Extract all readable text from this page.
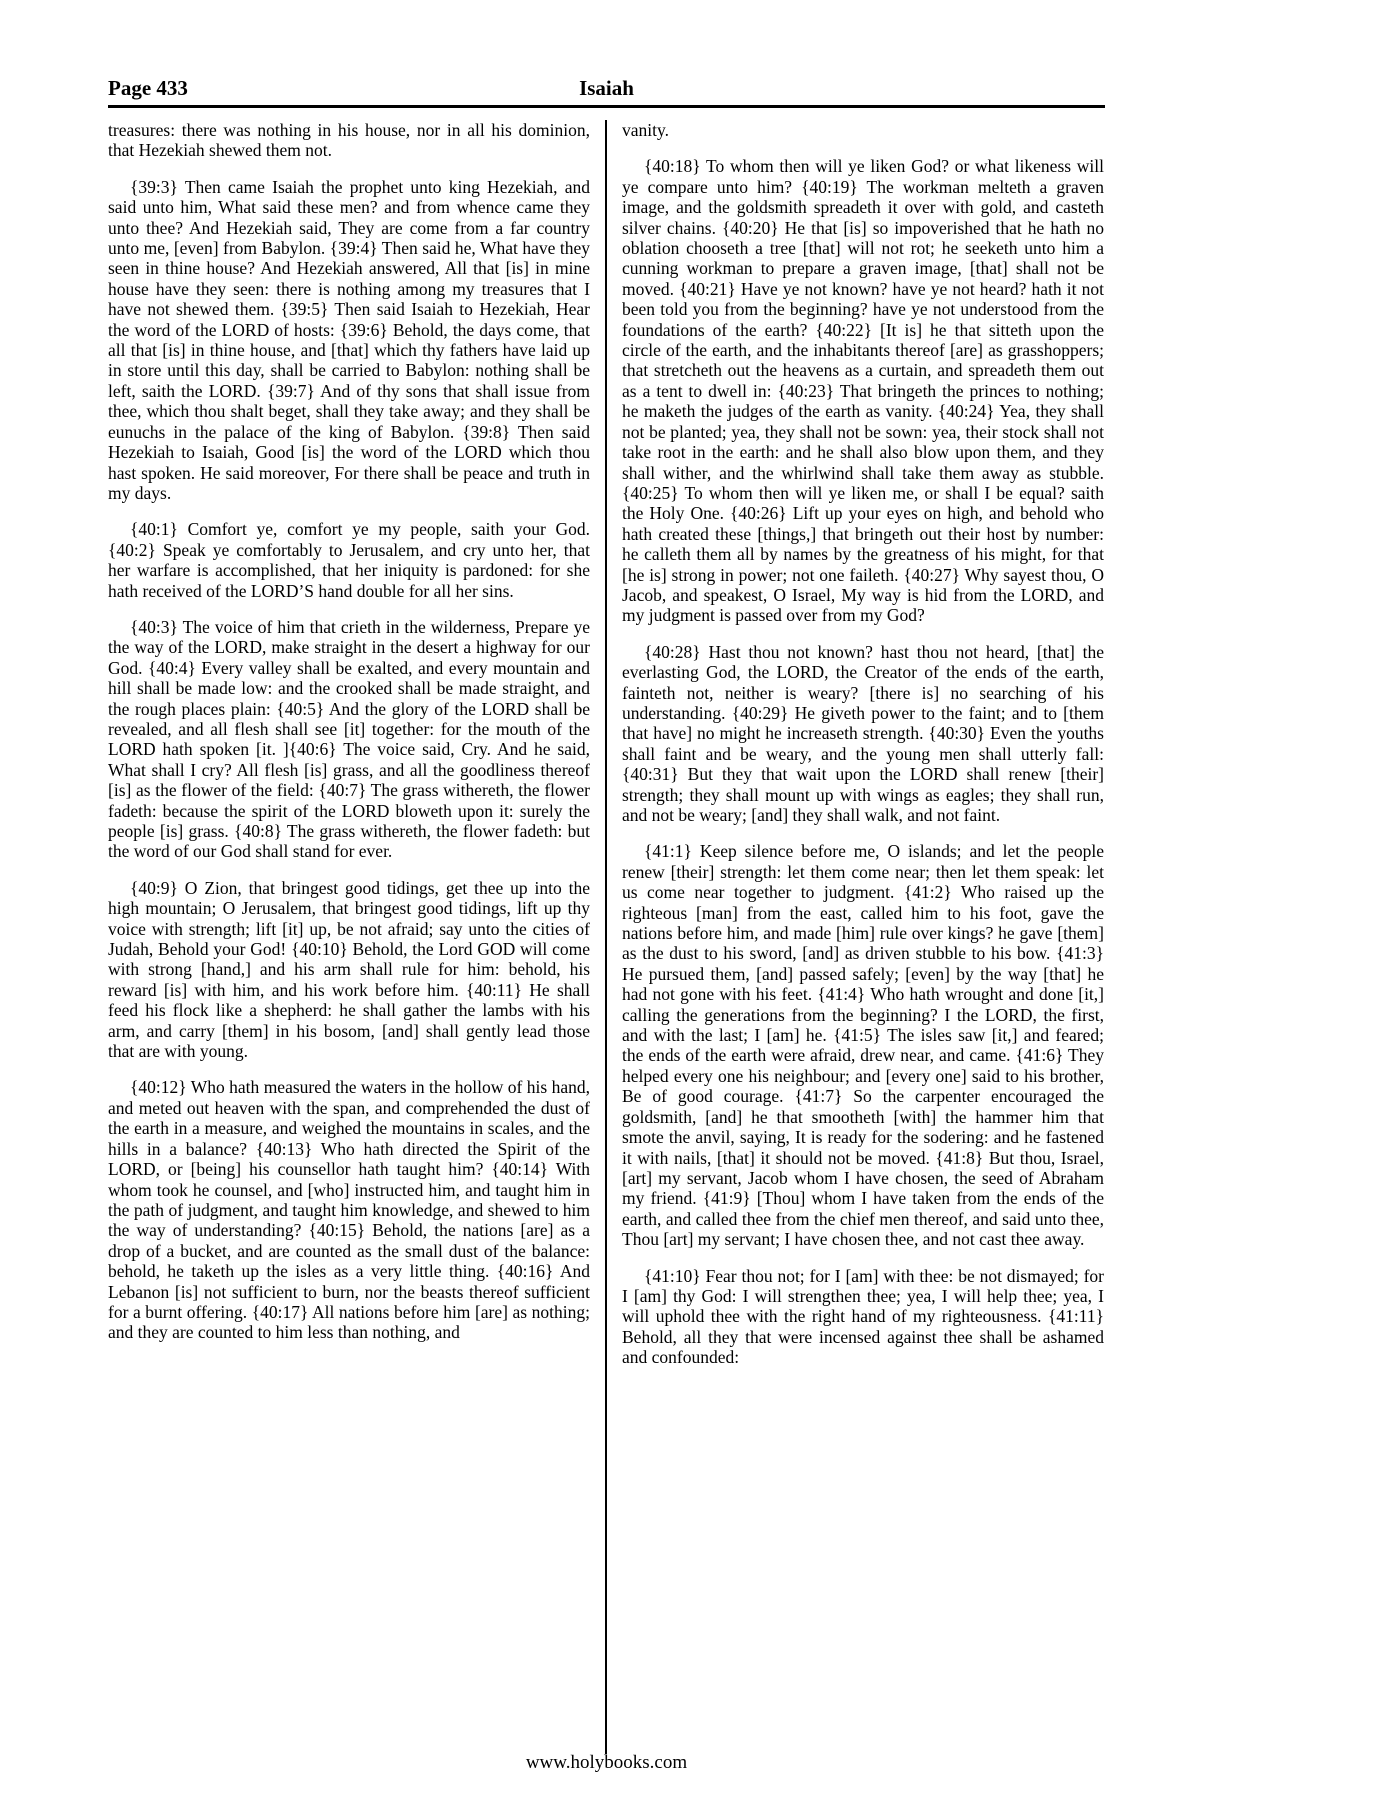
Page 433	Isaiah

treasures: there was nothing in his house, nor in all his dominion, that Hezekiah shewed them not.

{39:3} Then came Isaiah the prophet unto king Hezekiah, and said unto him, What said these men? and from whence came they unto thee? And Hezekiah said, They are come from a far country unto me, [even] from Babylon. {39:4} Then said he, What have they seen in thine house? And Hezekiah answered, All that [is] in mine house have they seen: there is nothing among my treasures that I have not shewed them. {39:5} Then said Isaiah to Hezekiah, Hear the word of the LORD of hosts: {39:6} Behold, the days come, that all that [is] in thine house, and [that] which thy fathers have laid up in store until this day, shall be carried to Babylon: nothing shall be left, saith the LORD. {39:7} And of thy sons that shall issue from thee, which thou shalt beget, shall they take away; and they shall be eunuchs in the palace of the king of Babylon. {39:8} Then said Hezekiah to Isaiah, Good [is] the word of the LORD which thou hast spoken. He said moreover, For there shall be peace and truth in my days.

{40:1} Comfort ye, comfort ye my people, saith your God. {40:2} Speak ye comfortably to Jerusalem, and cry unto her, that her warfare is accomplished, that her iniquity is pardoned: for she hath received of the LORD’S hand double for all her sins.

{40:3} The voice of him that crieth in the wilderness, Prepare ye the way of the LORD, make straight in the desert a highway for our God. {40:4} Every valley shall be exalted, and every mountain and hill shall be made low: and the crooked shall be made straight, and the rough places plain: {40:5} And the glory of the LORD shall be revealed, and all flesh shall see [it] together: for the mouth of the LORD hath spoken [it. ]{40:6} The voice said, Cry. And he said, What shall I cry? All flesh [is] grass, and all the goodliness thereof [is] as the flower of the field: {40:7} The grass withereth, the flower fadeth: because the spirit of the LORD bloweth upon it: surely the people [is] grass. {40:8} The grass withereth, the flower fadeth: but the word of our God shall stand for ever.

{40:9} O Zion, that bringest good tidings, get thee up into the high mountain; O Jerusalem, that bringest good tidings, lift up thy voice with strength; lift [it] up, be not afraid; say unto the cities of Judah, Behold your God! {40:10} Behold, the Lord GOD will come with strong [hand,] and his arm shall rule for him: behold, his reward [is] with him, and his work before him. {40:11} He shall feed his flock like a shepherd: he shall gather the lambs with his arm, and carry [them] in his bosom, [and] shall gently lead those that are with young.

{40:12} Who hath measured the waters in the hollow of his hand, and meted out heaven with the span, and comprehended the dust of the earth in a measure, and weighed the mountains in scales, and the hills in a balance? {40:13} Who hath directed the Spirit of the LORD, or [being] his counsellor hath taught him? {40:14} With whom took he counsel, and [who] instructed him, and taught him in the path of judgment, and taught him knowledge, and shewed to him the way of understanding? {40:15} Behold, the nations [are] as a drop of a bucket, and are counted as the small dust of the balance: behold, he taketh up the isles as a very little thing. {40:16} And Lebanon [is] not sufficient to burn, nor the beasts thereof sufficient for a burnt offering. {40:17} All nations before him [are] as nothing; and they are counted to him less than nothing, and

vanity.

{40:18} To whom then will ye liken God? or what likeness will ye compare unto him? {40:19} The workman melteth a graven image, and the goldsmith spreadeth it over with gold, and casteth silver chains. {40:20} He that [is] so impoverished that he hath no oblation chooseth a tree [that] will not rot; he seeketh unto him a cunning workman to prepare a graven image, [that] shall not be moved. {40:21} Have ye not known? have ye not heard? hath it not been told you from the beginning? have ye not understood from the foundations of the earth? {40:22} [It is] he that sitteth upon the circle of the earth, and the inhabitants thereof [are] as grasshoppers; that stretcheth out the heavens as a curtain, and spreadeth them out as a tent to dwell in: {40:23} That bringeth the princes to nothing; he maketh the judges of the earth as vanity. {40:24} Yea, they shall not be planted; yea, they shall not be sown: yea, their stock shall not take root in the earth: and he shall also blow upon them, and they shall wither, and the whirlwind shall take them away as stubble. {40:25} To whom then will ye liken me, or shall I be equal? saith the Holy One. {40:26} Lift up your eyes on high, and behold who hath created these [things,] that bringeth out their host by number: he calleth them all by names by the greatness of his might, for that [he is] strong in power; not one faileth. {40:27} Why sayest thou, O Jacob, and speakest, O Israel, My way is hid from the LORD, and my judgment is passed over from my God?

{40:28} Hast thou not known? hast thou not heard, [that] the everlasting God, the LORD, the Creator of the ends of the earth, fainteth not, neither is weary? [there is] no searching of his understanding. {40:29} He giveth power to the faint; and to [them that have] no might he increaseth strength. {40:30} Even the youths shall faint and be weary, and the young men shall utterly fall: {40:31} But they that wait upon the LORD shall renew [their] strength; they shall mount up with wings as eagles; they shall run, and not be weary; [and] they shall walk, and not faint.

{41:1} Keep silence before me, O islands; and let the people renew [their] strength: let them come near; then let them speak: let us come near together to judgment. {41:2} Who raised up the righteous [man] from the east, called him to his foot, gave the nations before him, and made [him] rule over kings? he gave [them] as the dust to his sword, [and] as driven stubble to his bow. {41:3} He pursued them, [and] passed safely; [even] by the way [that] he had not gone with his feet. {41:4} Who hath wrought and done [it,] calling the generations from the beginning? I the LORD, the first, and with the last; I [am] he. {41:5} The isles saw [it,] and feared; the ends of the earth were afraid, drew near, and came. {41:6} They helped every one his neighbour; and [every one] said to his brother, Be of good courage. {41:7} So the carpenter encouraged the goldsmith, [and] he that smootheth [with] the hammer him that smote the anvil, saying, It is ready for the sodering: and he fastened it with nails, [that] it should not be moved. {41:8} But thou, Israel, [art] my servant, Jacob whom I have chosen, the seed of Abraham my friend. {41:9} [Thou] whom I have taken from the ends of the earth, and called thee from the chief men thereof, and said unto thee, Thou [art] my servant; I have chosen thee, and not cast thee away.

{41:10} Fear thou not; for I [am] with thee: be not dismayed; for I [am] thy God: I will strengthen thee; yea, I will help thee; yea, I will uphold thee with the right hand of my righteousness. {41:11} Behold, all they that were incensed against thee shall be ashamed and confounded:

www.holybooks.com
